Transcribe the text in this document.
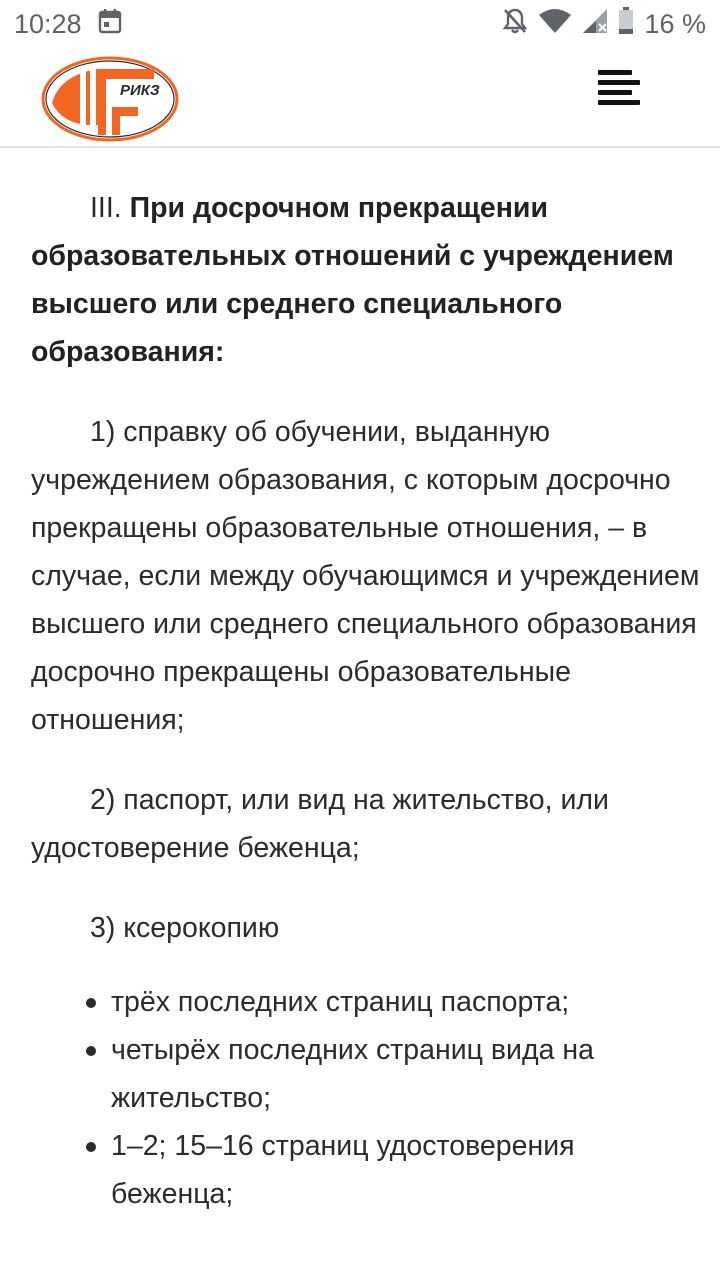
10:28	16 %
РИКЗ

III. При досрочном прекращении образовательных отношений с учреждением высшего или среднего специального образования:

1) справку об обучении, выданную учреждением образования, с которым досрочно прекращены образовательные отношения, – в случае, если между обучающимся и учреждением высшего или среднего специального образования досрочно прекращены образовательные отношения;

2) паспорт, или вид на жительство, или удостоверение беженца;

3) ксерокопию

трёх последних страниц паспорта;
четырёх последних страниц вида на жительство;
1–2; 15–16 страниц удостоверения беженца;
